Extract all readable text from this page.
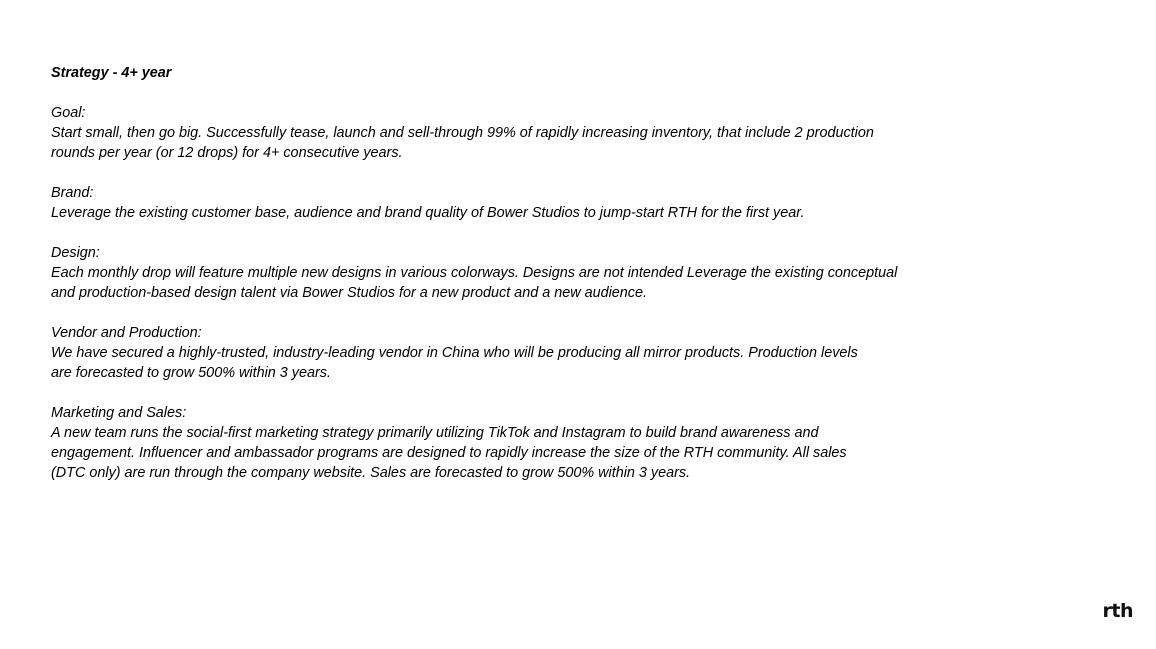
Strategy - 4+ year
Goal:
Start small, then go big. Successfully tease, launch and sell-through 99% of rapidly increasing inventory, that include 2 production
rounds per year (or 12 drops) for 4+ consecutive years.
Brand:
Leverage the existing customer base, audience and brand quality of Bower Studios to jump-start RTH for the first year.
Design:
Each monthly drop will feature multiple new designs in various colorways. Designs are not intended Leverage the existing conceptual
and production-based design talent via Bower Studios for a new product and a new audience.
Vendor and Production:
We have secured a highly-trusted, industry-leading vendor in China who will be producing all mirror products. Production levels
are forecasted to grow 500% within 3 years.
Marketing and Sales:
A new team runs the social-first marketing strategy primarily utilizing TikTok and Instagram to build brand awareness and
engagement. Influencer and ambassador programs are designed to rapidly increase the size of the RTH community. All sales
(DTC only) are run through the company website. Sales are forecasted to grow 500% within 3 years.
rth
